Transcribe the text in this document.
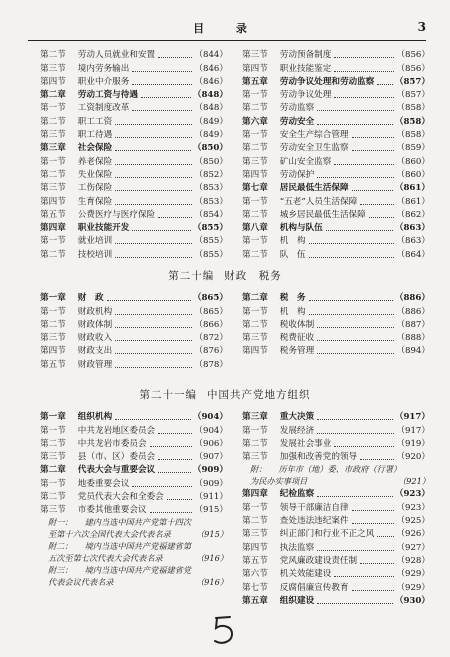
目 录	3
第二节 劳动人员就业和安置	（844）
第三节 境内劳务输出	（846）
第四节 职业中介服务	（846）
第二章 劳动工资与待遇	（848）
第一节 工资制度改革	（848）
第二节 职工工资	（849）
第三节 职工待遇	（849）
第三章 社会保险	（850）
第一节 养老保险	（850）
第二节 失业保险	（852）
第三节 工伤保险	（853）
第四节 生育保险	（853）
第五节 公费医疗与医疗保险	（854）
第四章 职业技能开发	（855）
第一节 就业培训	（855）
第二节 技校培训	（855）
第三节 劳动预备制度	（856）
第四节 职业技能鉴定	（856）
第五章 劳动争议处理和劳动监察 （857）
第一节 劳动争议处理	（857）
第二节 劳动监察	（858）
第六章 劳动安全	（858）
第一节 安全生产综合管理	（858）
第二节 劳动安全卫生监察	（859）
第三节 矿山安全监察	（860）
第四节 劳动保护	（860）
第七章 居民最低生活保障	（861）
第一节 “五老”人员生活保障	（861）
第二节 城乡居民最低生活保障	（862）
第八章 机构与队伍	（863）
第一节 机　构	（863）
第二节 队　伍	（864）
第二十编 财政　税务
第一章 财　政	（865）
第一节 财政机构	（865）
第二节 财政体制	（866）
第三节 财政收入	（872）
第四节 财政支出	（876）
第五节 财政管理	（878）
第二章 税　务	（886）
第一节 机　构	（886）
第二节 税收体制	（887）
第三节 税费征收	（888）
第四节 税务管理	（894）
第二十一编 中国共产党地方组织
第一章 组织机构	（904）
第一节 中共龙岩地区委员会	（904）
第二节 中共龙岩市委员会	（906）
第三节 县（市、区）委员会	（907）
第二章 代表大会与重要会议	（909）
第一节 地委重要会议	（909）
第二节 党员代表大会和全委会	（911）
第三节 市委其他重要会议	（915）
附一： 建内当选中国共产党第十四次至第十六次全国代表大会代表名录	（915）
附二： 境内当选中国共产党福建省第五次至第七次代表大会代表名录	（916）
附三： 境内当选中国共产党福建省党代表会议代表名录	（916）
第三章 重大决策	（917）
第一节 发展经济	（917）
第二节 发展社会事业	（919）
第三节 加强和改善党的领导	（920）
附： 历年市（地）委、市政府（行署）为民办实事项目	（921）
第四章 纪检监察	（923）
第一节 领导干部廉洁自律	（923）
第二节 查处违法违纪案件	（925）
第三节 纠正部门和行业不正之风	（926）
第四节 执法监察	（927）
第五节 党风廉政建设责任制	（928）
第六节 机关效能建设	（929）
第七节 反腐倡廉宣传教育	（929）
第五章 组织建设	（930）
